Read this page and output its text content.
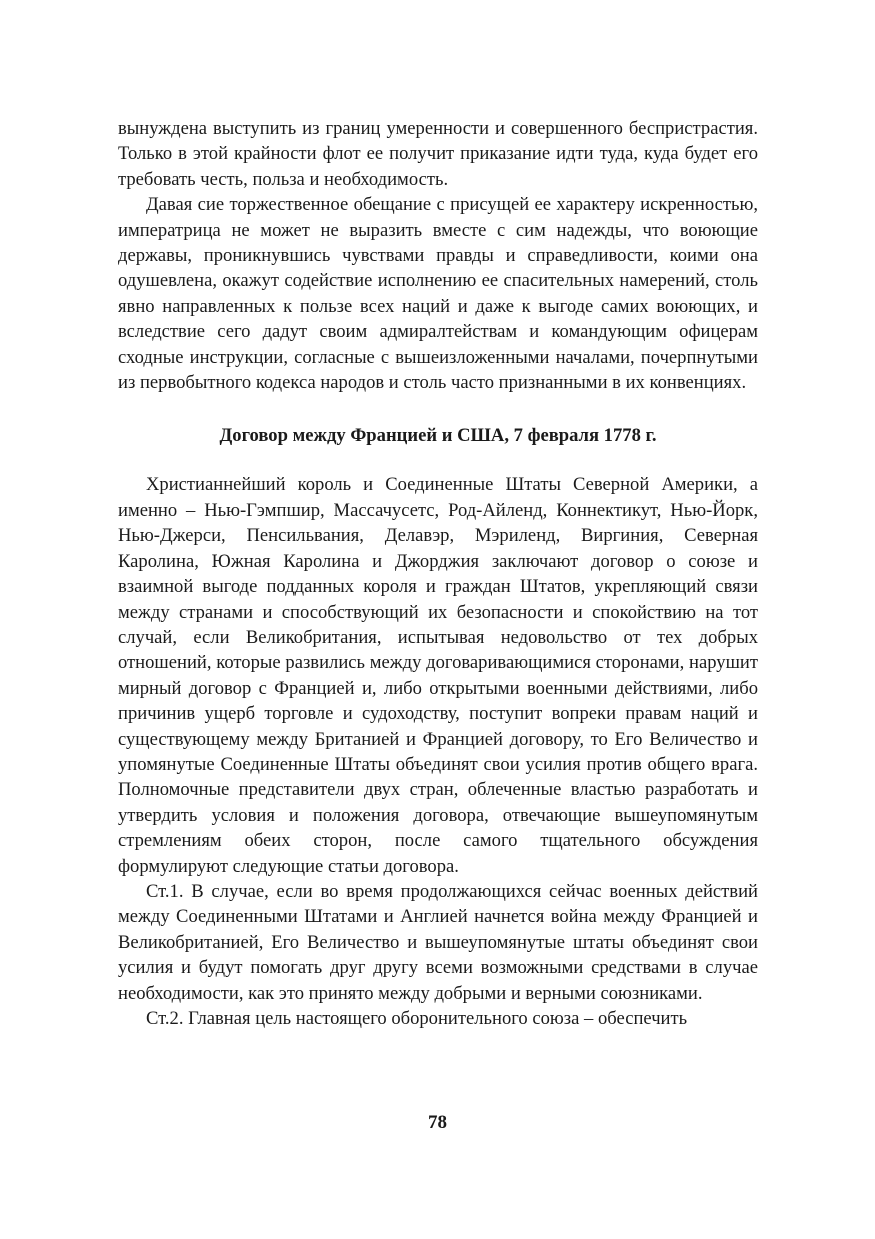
вынуждена выступить из границ умеренности и совершенного беспристрастия. Только в этой крайности флот ее получит приказание идти туда, куда будет его требовать честь, польза и необходимость.

Давая сие торжественное обещание с присущей ее характеру искренностью, императрица не может не выразить вместе с сим надежды, что воюющие державы, проникнувшись чувствами правды и справедливости, коими она одушевлена, окажут содействие исполнению ее спасительных намерений, столь явно направленных к пользе всех наций и даже к выгоде самих воюющих, и вследствие сего дадут своим адмиралтействам и командующим офицерам сходные инструкции, согласные с вышеизложенными началами, почерпнутыми из первобытного кодекса народов и столь часто признанными в их конвенциях.

Договор между Францией и США, 7 февраля 1778 г.

Христианнейший король и Соединенные Штаты Северной Америки, а именно – Нью-Гэмпшир, Массачусетс, Род-Айленд, Коннектикут, Нью-Йорк, Нью-Джерси, Пенсильвания, Делавэр, Мэриленд, Виргиния, Северная Каролина, Южная Каролина и Джорджия заключают договор о союзе и взаимной выгоде подданных короля и граждан Штатов, укрепляющий связи между странами и способствующий их безопасности и спокойствию на тот случай, если Великобритания, испытывая недовольство от тех добрых отношений, которые развились между договаривающимися сторонами, нарушит мирный договор с Францией и, либо открытыми военными действиями, либо причинив ущерб торговле и судоходству, поступит вопреки правам наций и существующему между Британией и Францией договору, то Его Величество и упомянутые Соединенные Штаты объединят свои усилия против общего врага. Полномочные представители двух стран, облеченные властью разработать и утвердить условия и положения договора, отвечающие вышеупомянутым стремлениям обеих сторон, после самого тщательного обсуждения формулируют следующие статьи договора.

Ст.1. В случае, если во время продолжающихся сейчас военных действий между Соединенными Штатами и Англией начнется война между Францией и Великобританией, Его Величество и вышеупомянутые штаты объединят свои усилия и будут помогать друг другу всеми возможными средствами в случае необходимости, как это принято между добрыми и верными союзниками.

Ст.2. Главная цель настоящего оборонительного союза – обеспечить

78
